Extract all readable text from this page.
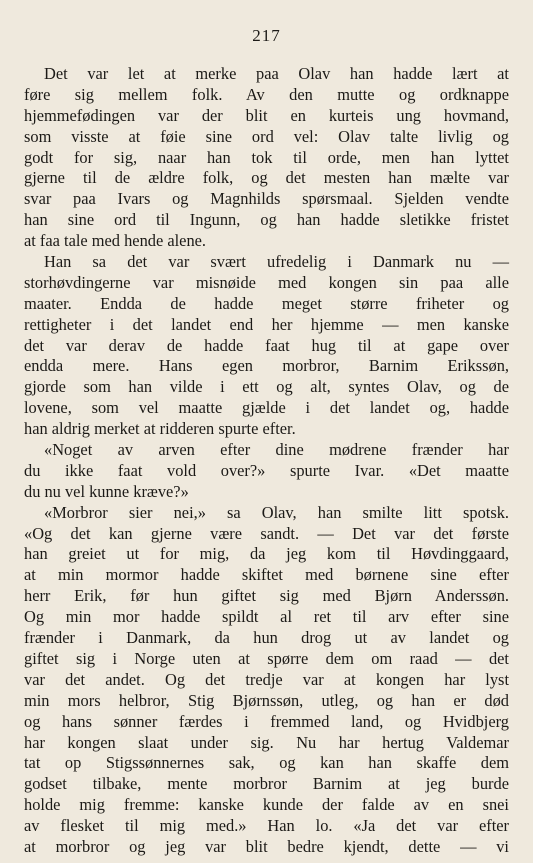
217
Det var let at merke paa Olav han hadde lært at
føre sig mellem folk. Av den mutte og ordknappe
hjemmefødingen var der blit en kurteis ung hovmand,
som visste at føie sine ord vel: Olav talte livlig og
godt for sig, naar han tok til orde, men han lyttet
gjerne til de ældre folk, og det mesten han mælte var
svar paa Ivars og Magnhilds spørsmaal. Sjelden vendte
han sine ord til Ingunn, og han hadde sletikke fristet
at faa tale med hende alene.
Han sa det var svært ufredelig i Danmark nu —
storhøvdingerne var misnøide med kongen sin paa alle
maater. Endda de hadde meget større friheter og
rettigheter i det landet end her hjemme — men kanske
det var derav de hadde faat hug til at gape over
endda mere. Hans egen morbror, Barnim Erikssøn,
gjorde som han vilde i ett og alt, syntes Olav, og de
lovene, som vel maatte gjælde i det landet og, hadde
han aldrig merket at ridderen spurte efter.
«Noget av arven efter dine mødrene frænder har
du ikke faat vold over?» spurte Ivar. «Det maatte
du nu vel kunne kræve?»
«Morbror sier nei,» sa Olav, han smilte litt spotsk.
«Og det kan gjerne være sandt. — Det var det første
han greiet ut for mig, da jeg kom til Høvdinggaard,
at min mormor hadde skiftet med børnene sine efter
herr Erik, før hun giftet sig med Bjørn Anderssøn.
Og min mor hadde spildt al ret til arv efter sine
frænder i Danmark, da hun drog ut av landet og
giftet sig i Norge uten at spørre dem om raad — det
var det andet. Og det tredje var at kongen har lyst
min mors helbror, Stig Bjørnssøn, utleg, og han er død
og hans sønner færdes i fremmed land, og Hvidbjerg
har kongen slaat under sig. Nu har hertug Valdemar
tat op Stigssønnernes sak, og kan han skaffe dem
godset tilbake, mente morbror Barnim at jeg burde
holde mig fremme: kanske kunde der falde av en snei
av flesket til mig med.» Han lo. «Ja det var efter
at morbror og jeg var blit bedre kjendt, dette — vi
